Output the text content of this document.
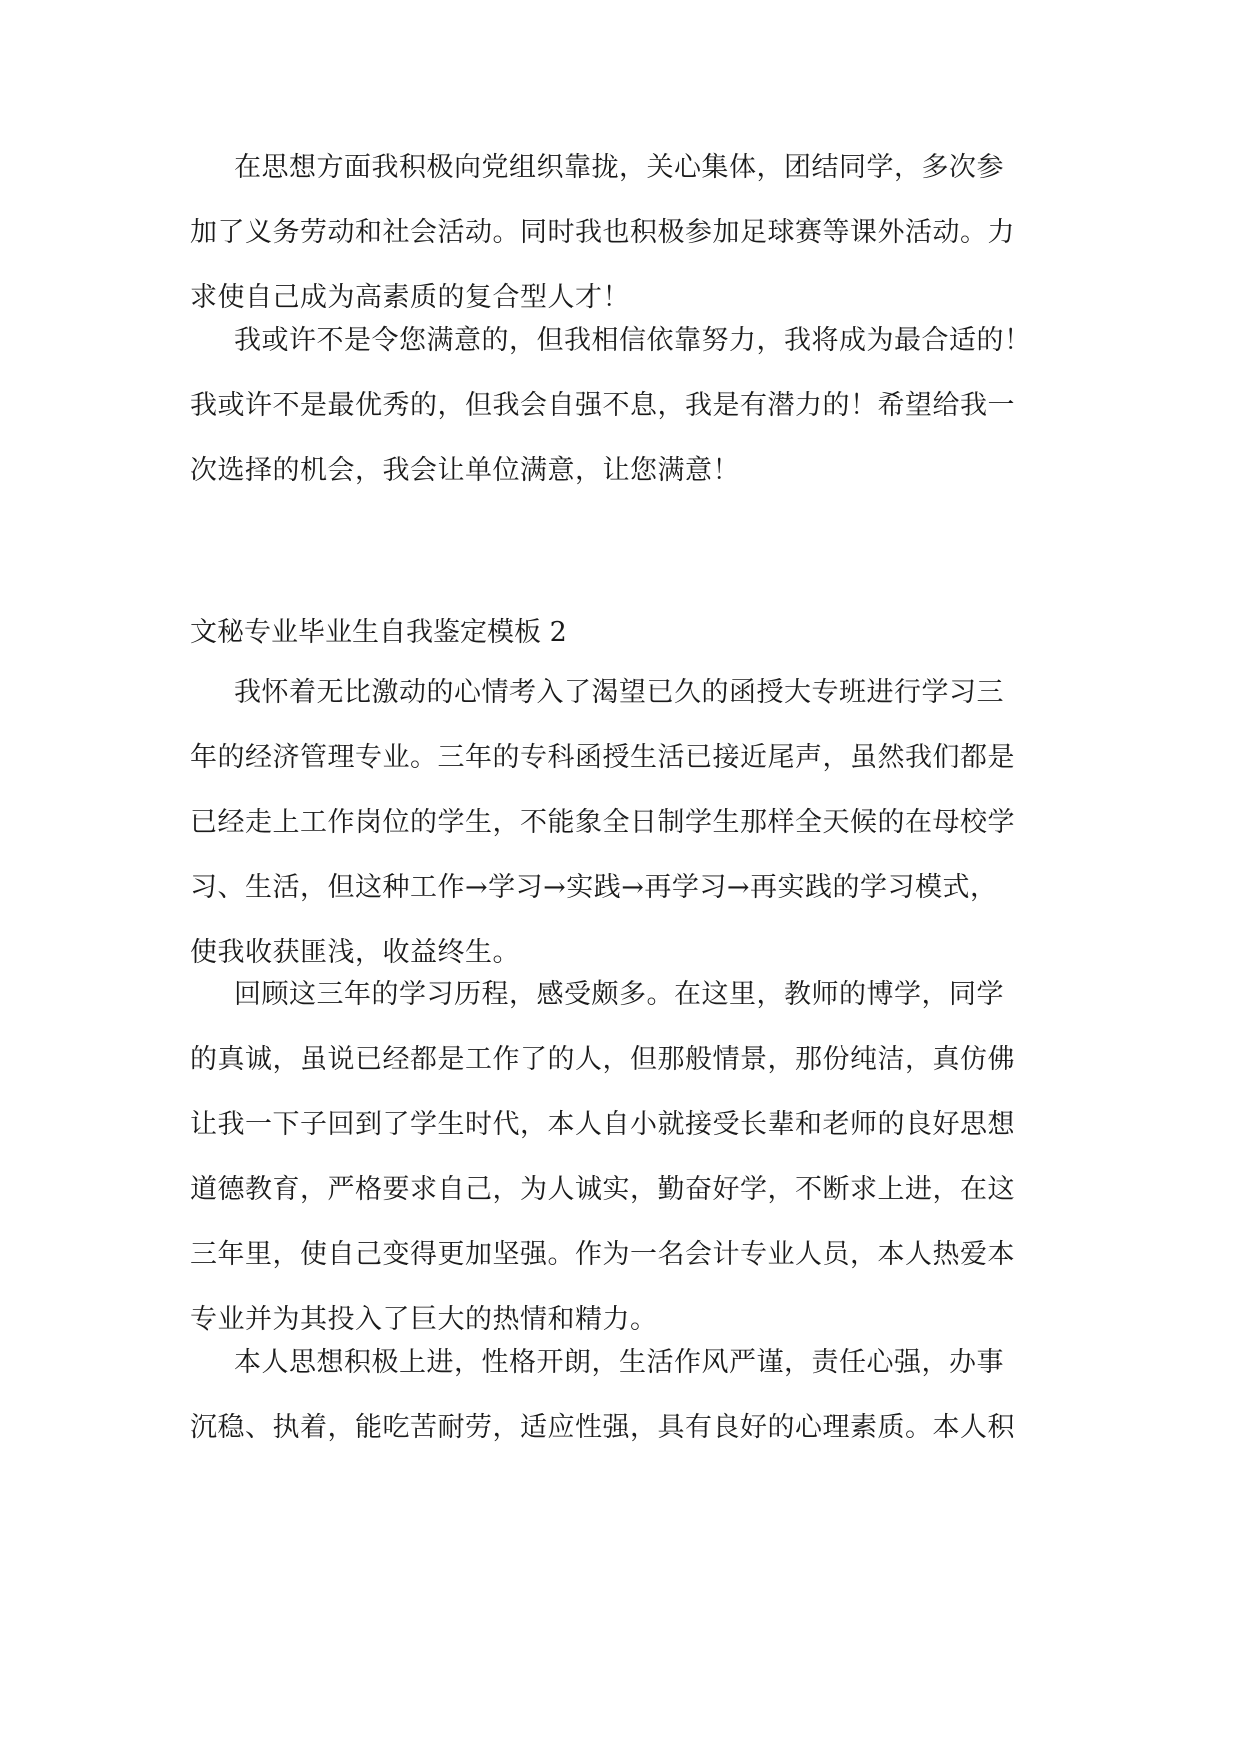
在思想方面我积极向党组织靠拢，关心集体，团结同学，多次参
加了义务劳动和社会活动。同时我也积极参加足球赛等课外活动。力
求使自己成为高素质的复合型人才！
我或许不是令您满意的，但我相信依靠努力，我将成为最合适的！
我或许不是最优秀的，但我会自强不息，我是有潜力的！希望给我一
次选择的机会，我会让单位满意，让您满意！
文秘专业毕业生自我鉴定模板 2
我怀着无比激动的心情考入了渴望已久的函授大专班进行学习三
年的经济管理专业。三年的专科函授生活已接近尾声，虽然我们都是
已经走上工作岗位的学生，不能象全日制学生那样全天候的在母校学
习、生活，但这种工作→学习→实践→再学习→再实践的学习模式，
使我收获匪浅，收益终生。
回顾这三年的学习历程，感受颇多。在这里，教师的博学，同学
的真诚，虽说已经都是工作了的人，但那般情景，那份纯洁，真仿佛
让我一下子回到了学生时代，本人自小就接受长辈和老师的良好思想
道德教育，严格要求自己，为人诚实，勤奋好学，不断求上进，在这
三年里，使自己变得更加坚强。作为一名会计专业人员，本人热爱本
专业并为其投入了巨大的热情和精力。
本人思想积极上进，性格开朗，生活作风严谨，责任心强，办事
沉稳、执着，能吃苦耐劳，适应性强，具有良好的心理素质。本人积
